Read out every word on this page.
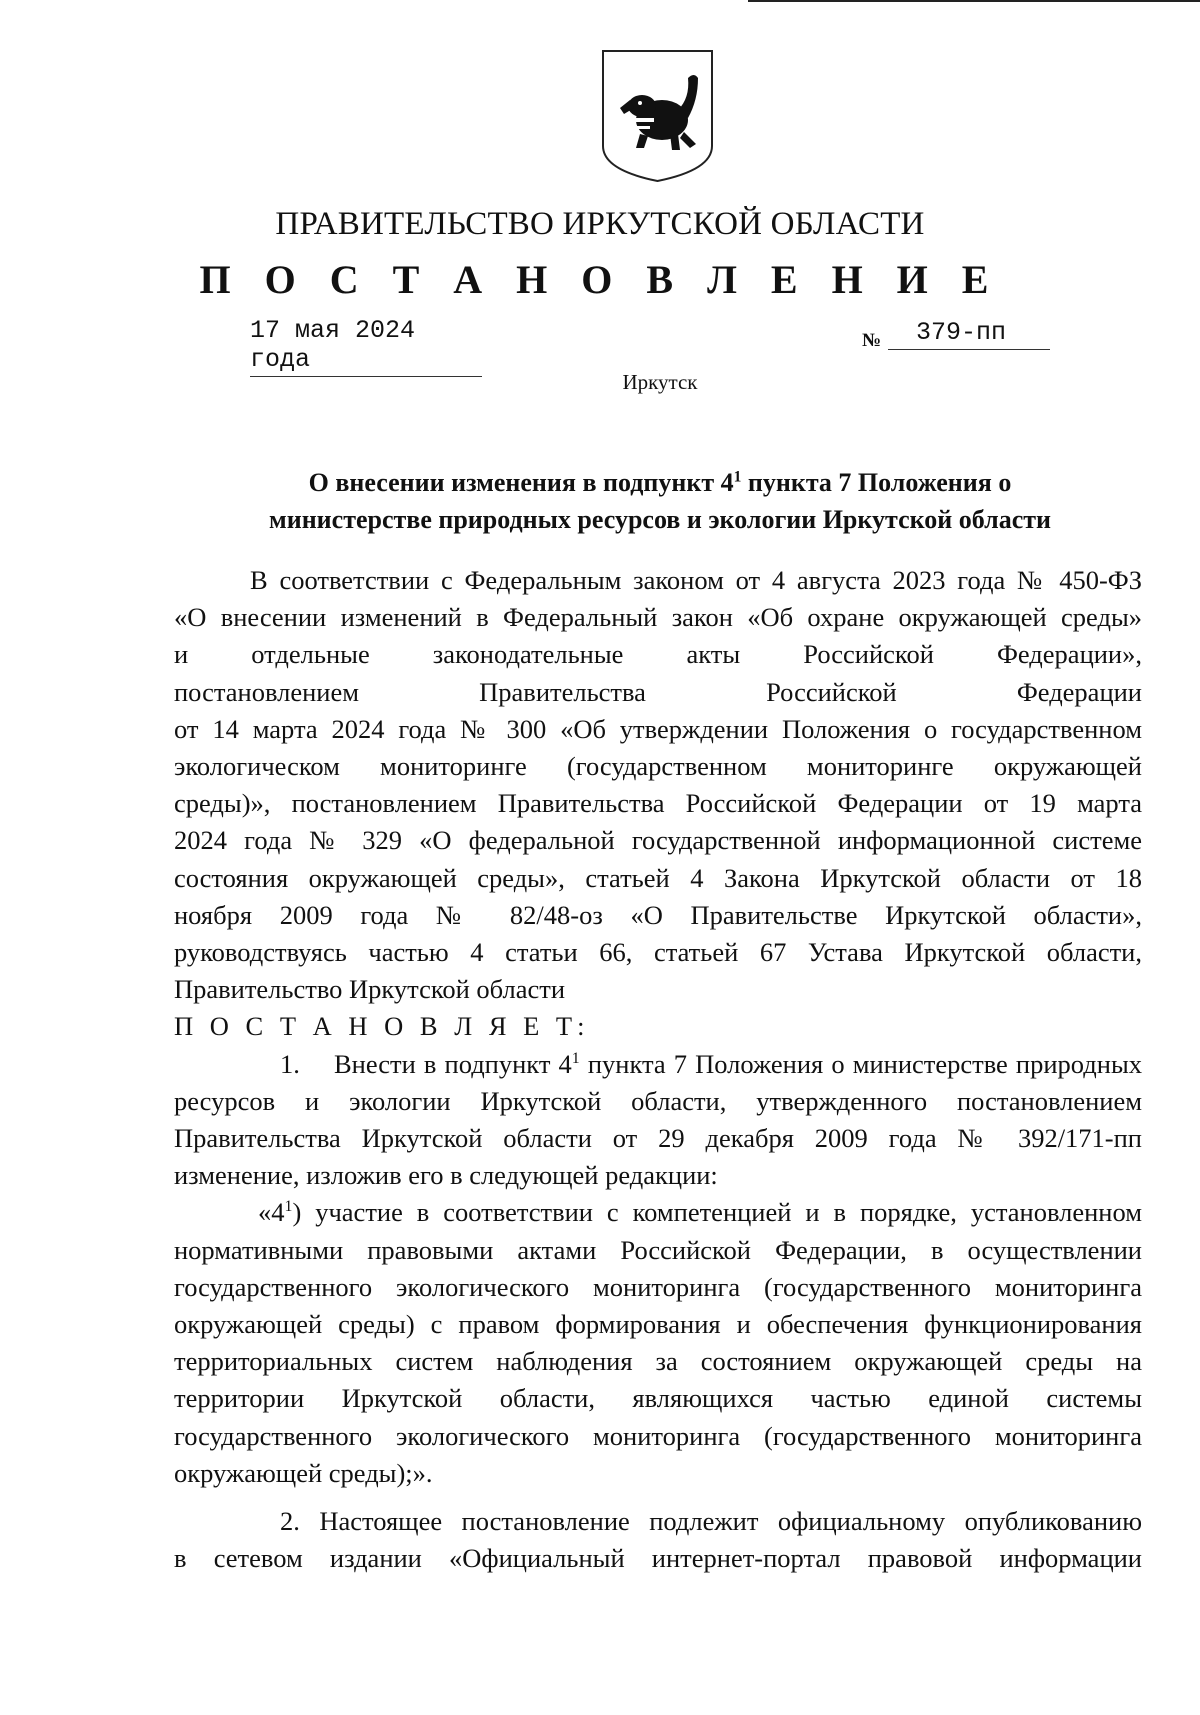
ПРАВИТЕЛЬСТВО ИРКУТСКОЙ ОБЛАСТИ
П О С Т А Н О В Л Е Н И Е
17 мая 2024 года
№	379-пп
Иркутск
О внесении изменения в подпункт $4^1$ пункта 7 Положения о
министерстве природных ресурсов и экологии Иркутской области

В соответствии с Федеральным законом от 4 августа 2023 года № 450-ФЗ

«О внесении изменений в Федеральный закон «Об охране окружающей среды»

и отдельные законодательные акты Российской Федерации»,

постановлением Правительства Российской Федерации

от 14 марта 2024 года № 300 «Об утверждении Положения о государственном

экологическом мониторинге (государственном мониторинге окружающей

среды)», постановлением Правительства Российской Федерации от 19 марта

2024 года № 329 «О федеральной государственной информационной системе

состояния окружающей среды», статьей 4 Закона Иркутской области от 18

ноября 2009 года № 82/48-оз «О Правительстве Иркутской области»,

руководствуясь частью 4 статьи 66, статьей 67 Устава Иркутской области,

Правительство Иркутской области

П О С Т А Н О В Л Я Е Т:

1. Внести в подпункт $4^1$ пункта 7 Положения о министерстве природных

ресурсов и экологии Иркутской области, утвержденного постановлением

Правительства Иркутской области от 29 декабря 2009 года № 392/171-пп

изменение, изложив его в следующей редакции:

«$4^1$) участие в соответствии с компетенцией и в порядке, установленном

нормативными правовыми актами Российской Федерации, в осуществлении

государственного экологического мониторинга (государственного мониторинга

окружающей среды) с правом формирования и обеспечения функционирования

территориальных систем наблюдения за состоянием окружающей среды на

территории Иркутской области, являющихся частью единой системы

государственного экологического мониторинга (государственного мониторинга

окружающей среды);».

2. Настоящее постановление подлежит официальному опубликованию

в сетевом издании «Официальный интернет-портал правовой информации
